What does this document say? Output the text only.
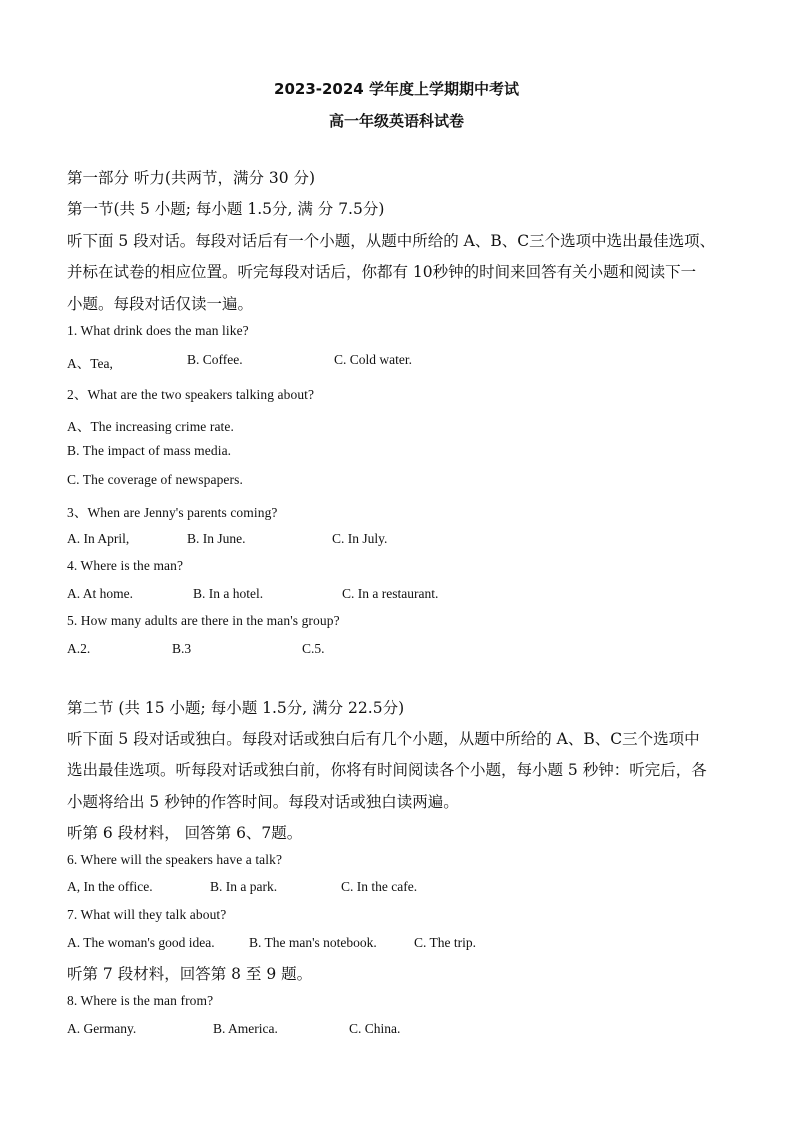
2023-2024 学年度上学期期中考试
高一年级英语科试卷
第一部分 听力(共两节，满分 30 分)
第一节(共 5 小题; 每小题 1.5分, 满 分 7.5分)
听下面 5 段对话。每段对话后有一个小题，从题中所给的 A、B、C三个选项中选出最佳选项、
并标在试卷的相应位置。听完每段对话后，你都有 10秒钟的时间来回答有关小题和阅读下一
小题。每段对话仅读一遍。
1. What drink does the man like?
A、Tea,	B. Coffee.	C. Cold water.
2、What are the two speakers talking about?
A、The increasing crime rate.
B. The impact of mass media.
C. The coverage of newspapers.
3、When are Jenny's parents coming?
A. In April,	B. In June.	C. In July.
4. Where is the man?
A. At home.	B. In a hotel.	C. In a restaurant.
5. How many adults are there in the man's group?
A.2.	B.3	C.5.
第二节 (共 15 小题; 每小题 1.5分, 满分 22.5分)
听下面 5 段对话或独白。每段对话或独白后有几个小题，从题中所给的 A、B、C三个选项中
选出最佳选项。听每段对话或独白前，你将有时间阅读各个小题，每小题 5 秒钟：听完后，各
小题将给出 5 秒钟的作答时间。每段对话或独白读两遍。
听第 6 段材料， 回答第 6、7题。
6. Where will the speakers have a talk?
A, In the office.	B. In a park.	C. In the cafe.
7. What will they talk about?
A. The woman's good idea.	B. The man's notebook.	C. The trip.
听第 7 段材料，回答第 8 至 9 题。
8. Where is the man from?
A. Germany.	B. America.	C. China.
